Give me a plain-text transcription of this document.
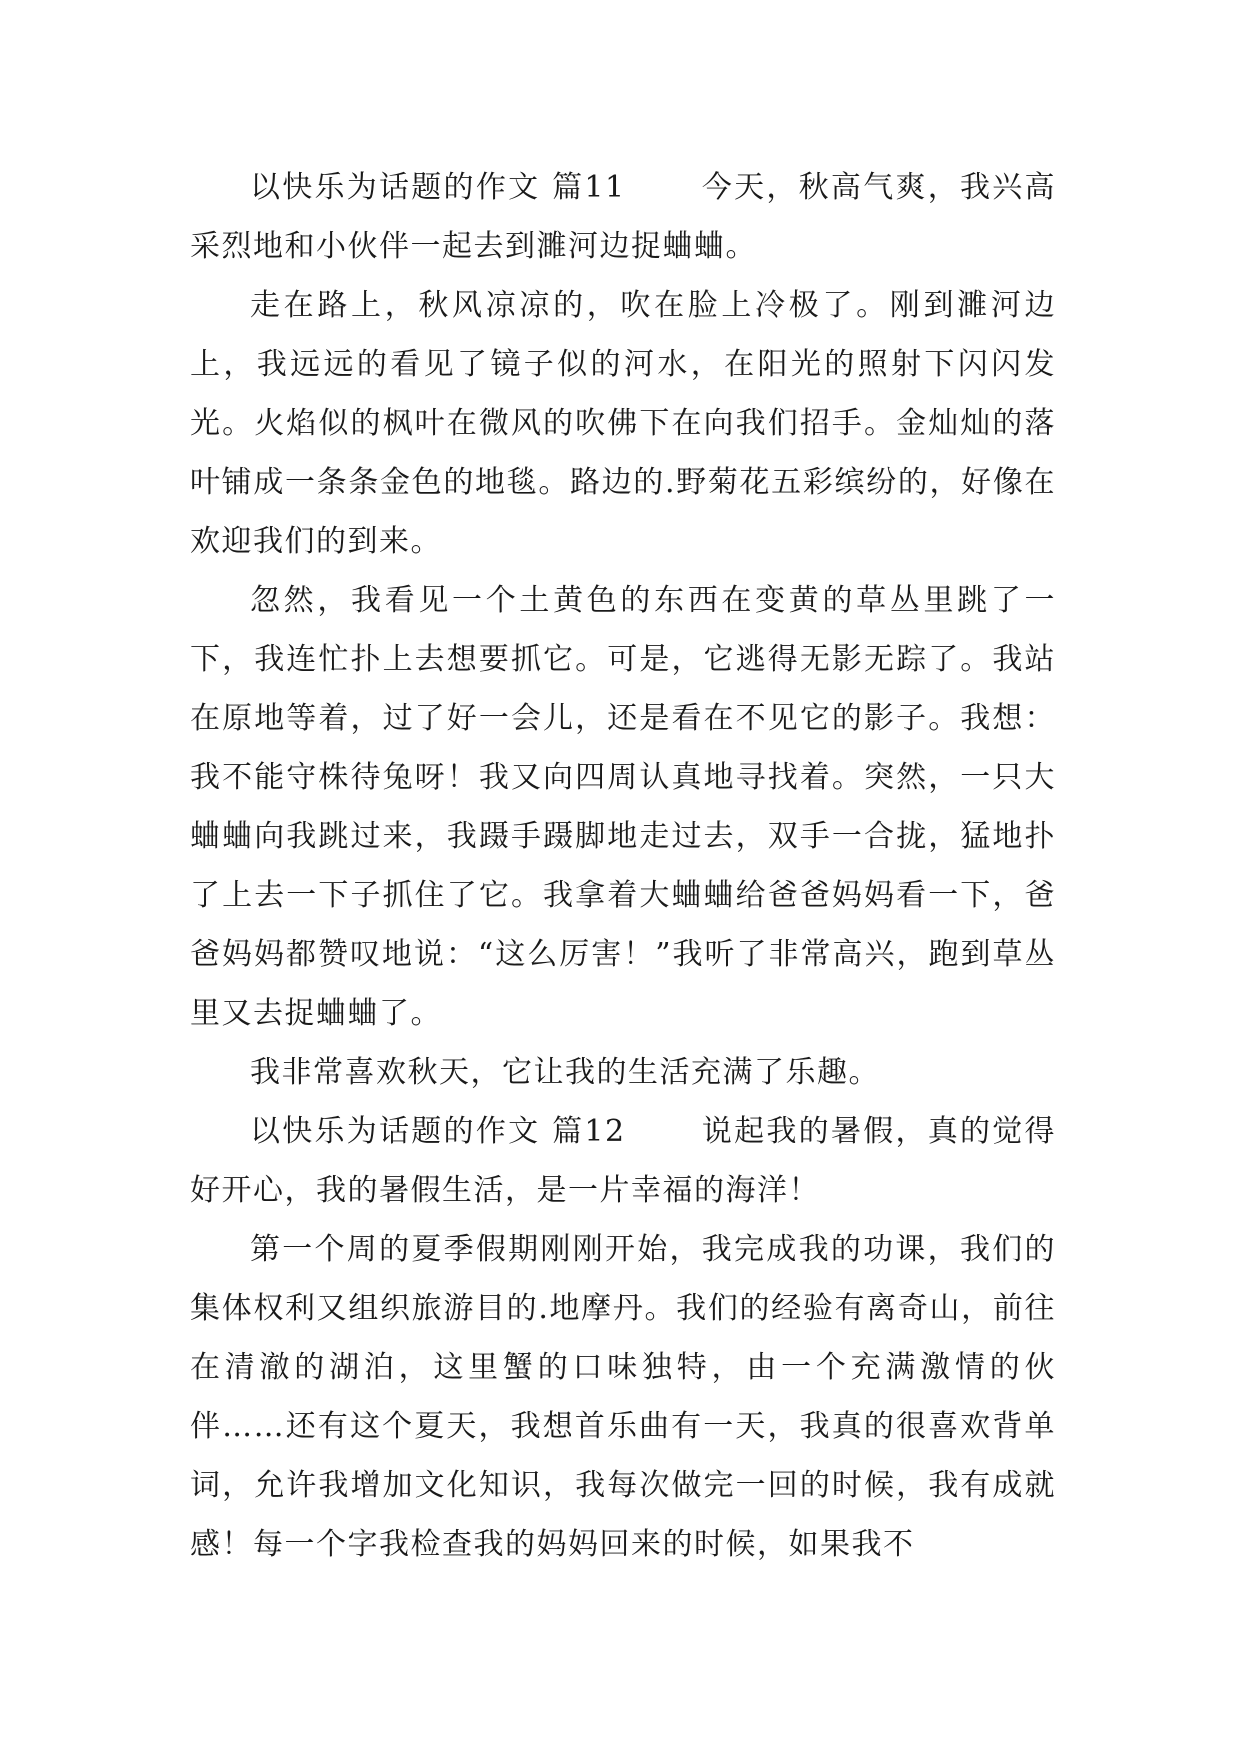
以快乐为话题的作文 篇11 　　今天，秋高气爽，我兴高采烈地和小伙伴一起去到濉河边捉蛐蛐。

走在路上，秋风凉凉的，吹在脸上冷极了。刚到濉河边上，我远远的看见了镜子似的河水，在阳光的照射下闪闪发光。火焰似的枫叶在微风的吹佛下在向我们招手。金灿灿的落叶铺成一条条金色的地毯。路边的.野菊花五彩缤纷的，好像在欢迎我们的到来。

忽然，我看见一个土黄色的东西在变黄的草丛里跳了一下，我连忙扑上去想要抓它。可是，它逃得无影无踪了。我站在原地等着，过了好一会儿，还是看在不见它的影子。我想：我不能守株待兔呀！我又向四周认真地寻找着。突然，一只大蛐蛐向我跳过来，我蹑手蹑脚地走过去，双手一合拢，猛地扑了上去一下子抓住了它。我拿着大蛐蛐给爸爸妈妈看一下，爸爸妈妈都赞叹地说：“这么厉害！”我听了非常高兴，跑到草丛里又去捉蛐蛐了。

我非常喜欢秋天，它让我的生活充满了乐趣。

以快乐为话题的作文 篇12 　　说起我的暑假，真的觉得好开心，我的暑假生活，是一片幸福的海洋！

第一个周的夏季假期刚刚开始，我完成我的功课，我们的集体权利又组织旅游目的.地摩丹。我们的经验有离奇山，前往在清澈的湖泊，这里蟹的口味独特，由一个充满激情的伙伴……还有这个夏天，我想首乐曲有一天，我真的很喜欢背单词，允许我增加文化知识，我每次做完一回的时候，我有成就感！每一个字我检查我的妈妈回来的时候，如果我不
